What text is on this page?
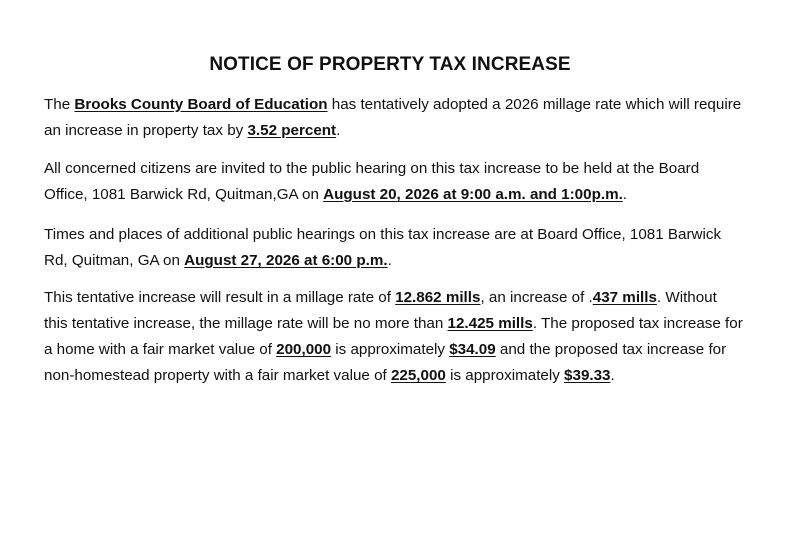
NOTICE OF PROPERTY TAX INCREASE

The Brooks County Board of Education has tentatively adopted a 2026 millage rate which will require an increase in property tax by 3.52 percent.

All concerned citizens are invited to the public hearing on this tax increase to be held at the Board Office, 1081 Barwick Rd, Quitman,GA on August 20, 2026 at 9:00 a.m. and 1:00p.m..

Times and places of additional public hearings on this tax increase are at Board Office, 1081 Barwick Rd, Quitman, GA on August 27, 2026 at 6:00 p.m..

This tentative increase will result in a millage rate of 12.862 mills, an increase of .437 mills. Without this tentative increase, the millage rate will be no more than 12.425 mills. The proposed tax increase for a home with a fair market value of 200,000 is approximately $34.09 and the proposed tax increase for non-homestead property with a fair market value of 225,000 is approximately $39.33.
